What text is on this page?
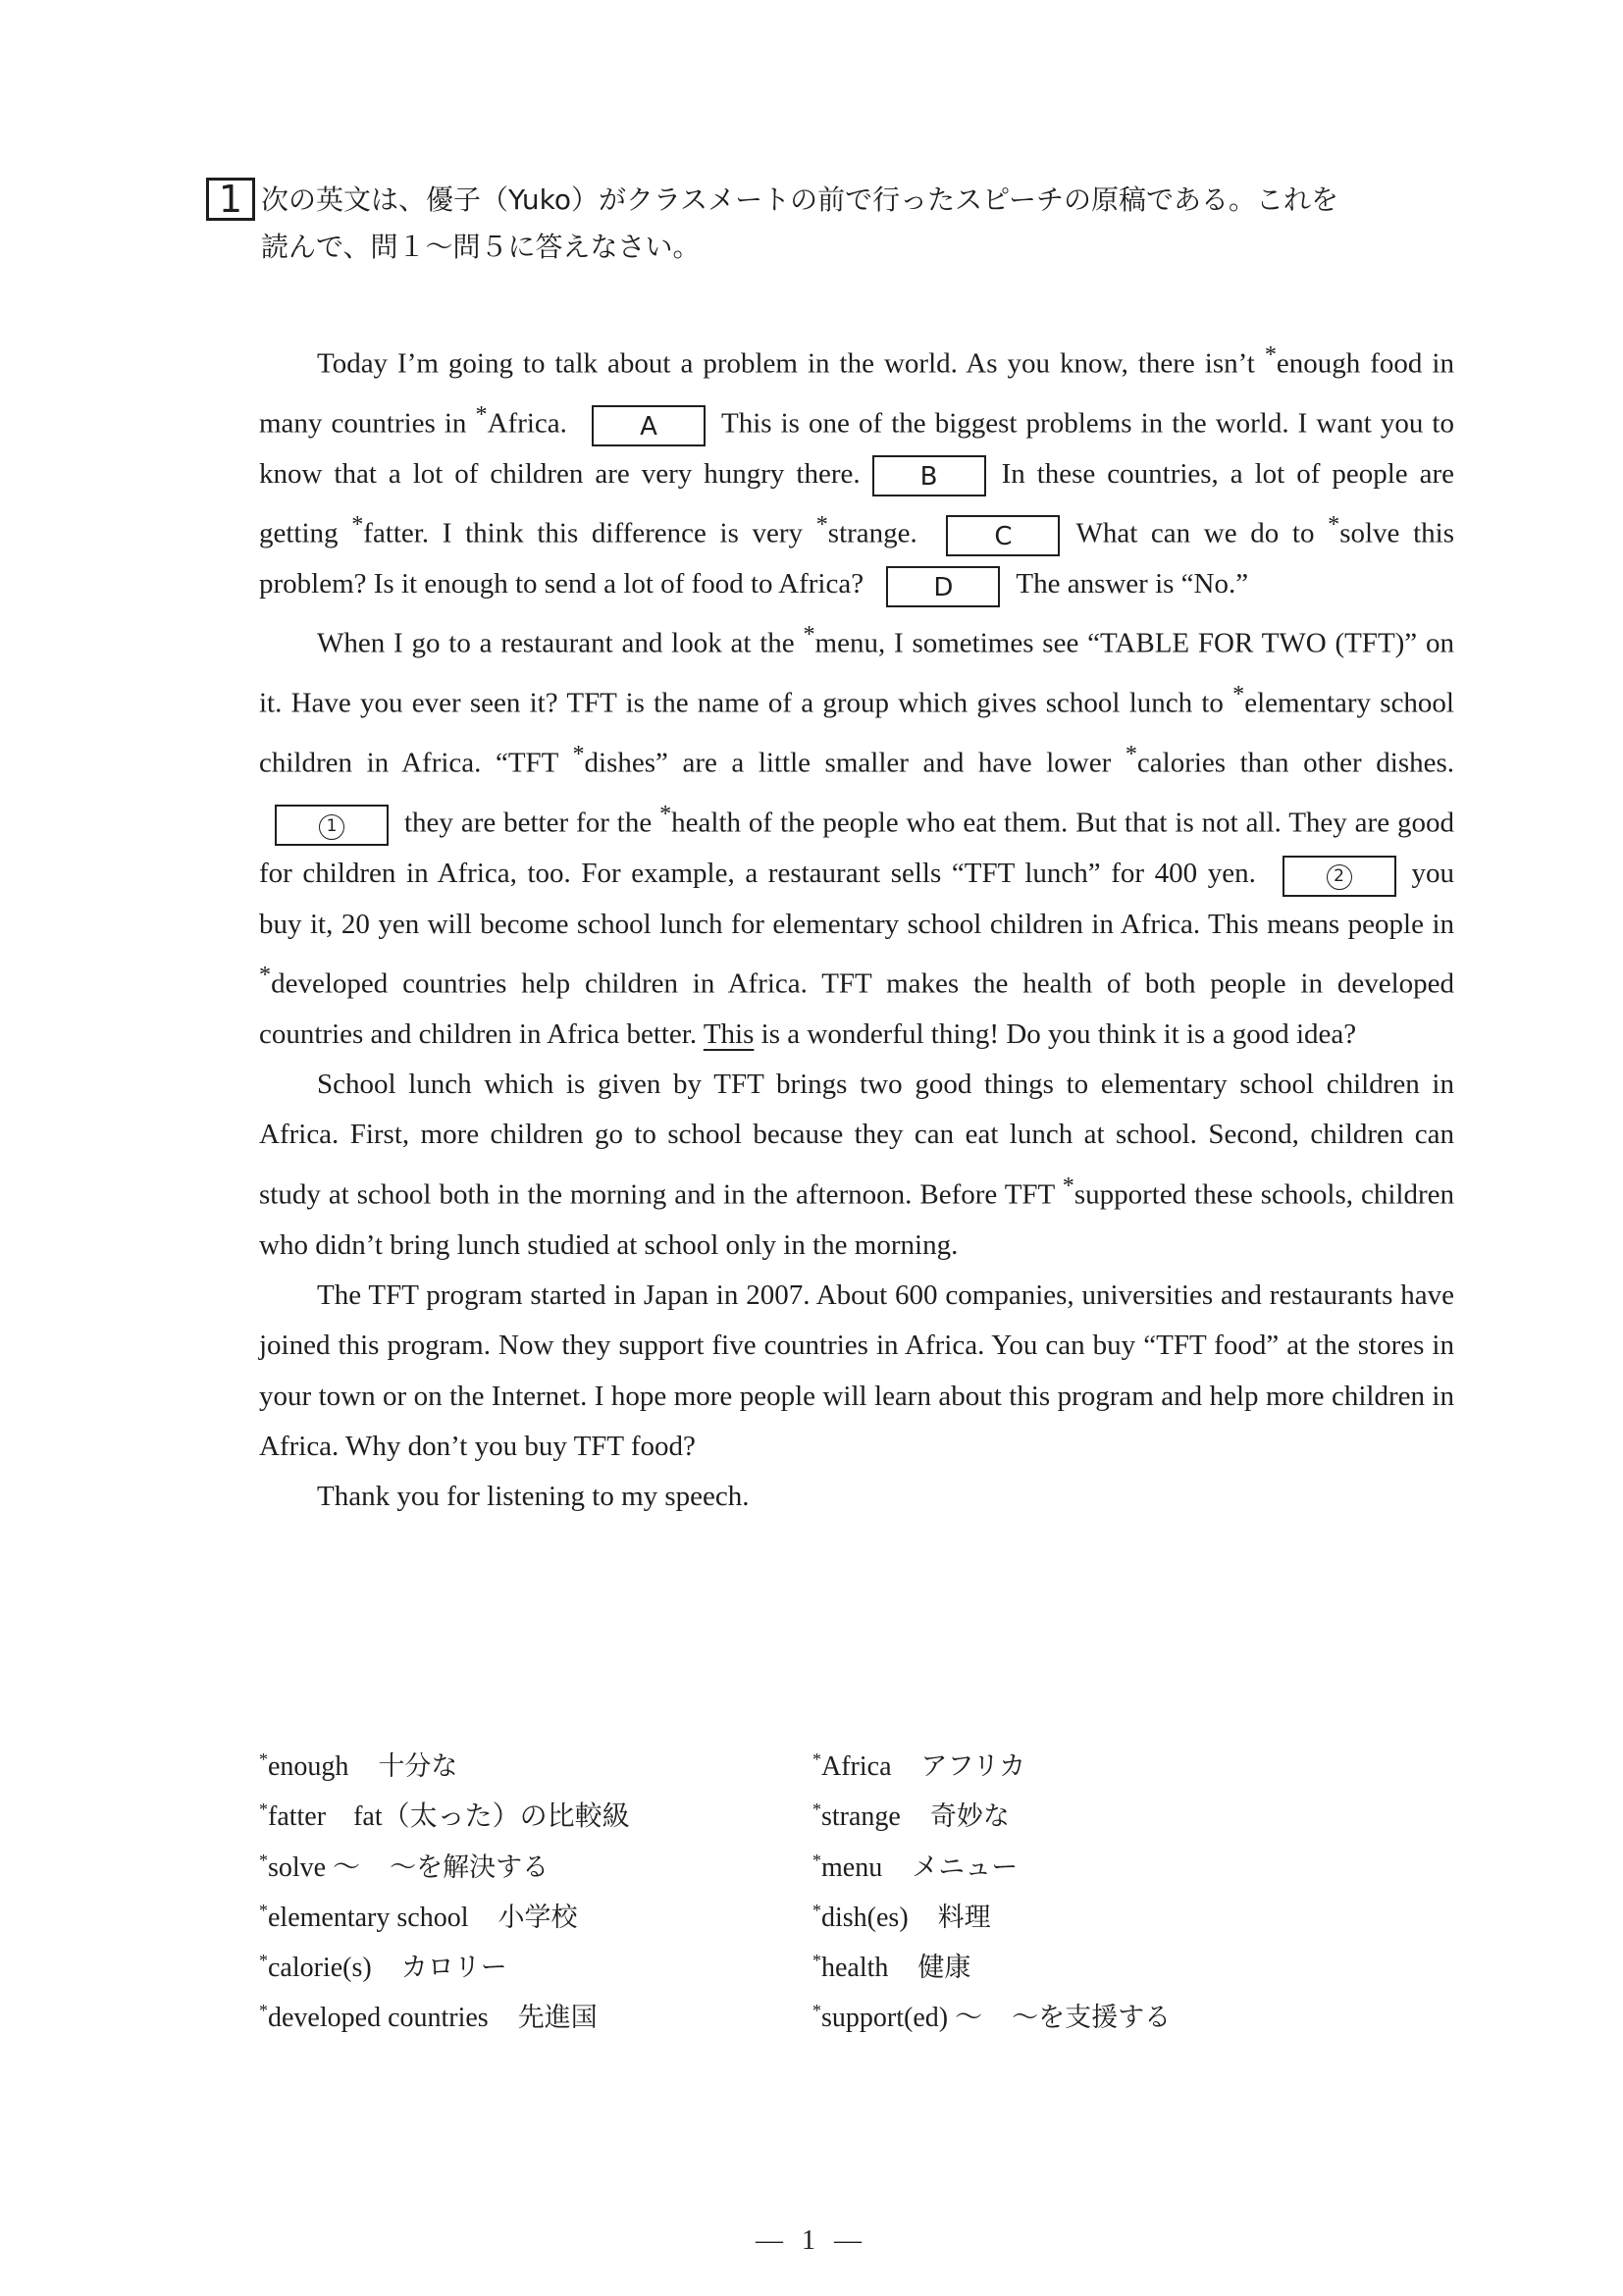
1 次の英文は、優子（Yuko）がクラスメートの前で行ったスピーチの原稿である。これを
読んで、問１～問５に答えなさい。

Today I’m going to talk about a problem in the world. As you know, there isn’t *enough food in many countries in *Africa.	A This is one of the biggest problems in the world. I want you to know that a lot of children are very hungry there. B In these countries, a lot of people are getting *fatter. I think this difference is very *strange. C What can we do to *solve this problem? Is it enough to send a lot of food to Africa? D The answer is “No.”

When I go to a restaurant and look at the *menu, I sometimes see “TABLE FOR TWO (TFT)” on it. Have you ever seen it? TFT is the name of a group which gives school lunch to *elementary school children in Africa. “TFT *dishes” are a little smaller and have lower *calories than other dishes. 1 they are better for the *health of the people who eat them. But that is not all. They are good for children in Africa, too. For example, a restaurant sells “TFT lunch” for 400 yen.	2 you buy it, 20 yen will become school lunch for elementary school children in Africa. This means people in *developed countries help children in Africa. TFT makes the health of both people in developed countries and children in Africa better. This is a wonderful thing! Do you think it is a good idea?

School lunch which is given by TFT brings two good things to elementary school children in Africa. First, more children go to school because they can eat lunch at school. Second, children can study at school both in the morning and in the afternoon. Before TFT *supported these schools, children who didn’t bring lunch studied at school only in the morning.

The TFT program started in Japan in 2007. About 600 companies, universities and restaurants have joined this program. Now they support five countries in Africa. You can buy “TFT food” at the stores in your town or on the Internet. I hope more people will learn about this program and help more children in Africa. Why don’t you buy TFT food?

Thank you for listening to my speech.

*enough 十分な
*fatter　fat（太った）の比較級
*solve ～ ～を解決する
*elementary school 小学校
*calorie(s) カロリー
*developed countries 先進国
*Africa アフリカ
*strange 奇妙な
*menu メニュー
*dish(es) 料理
*health 健康
*support(ed) ～ ～を支援する
— 1 —
